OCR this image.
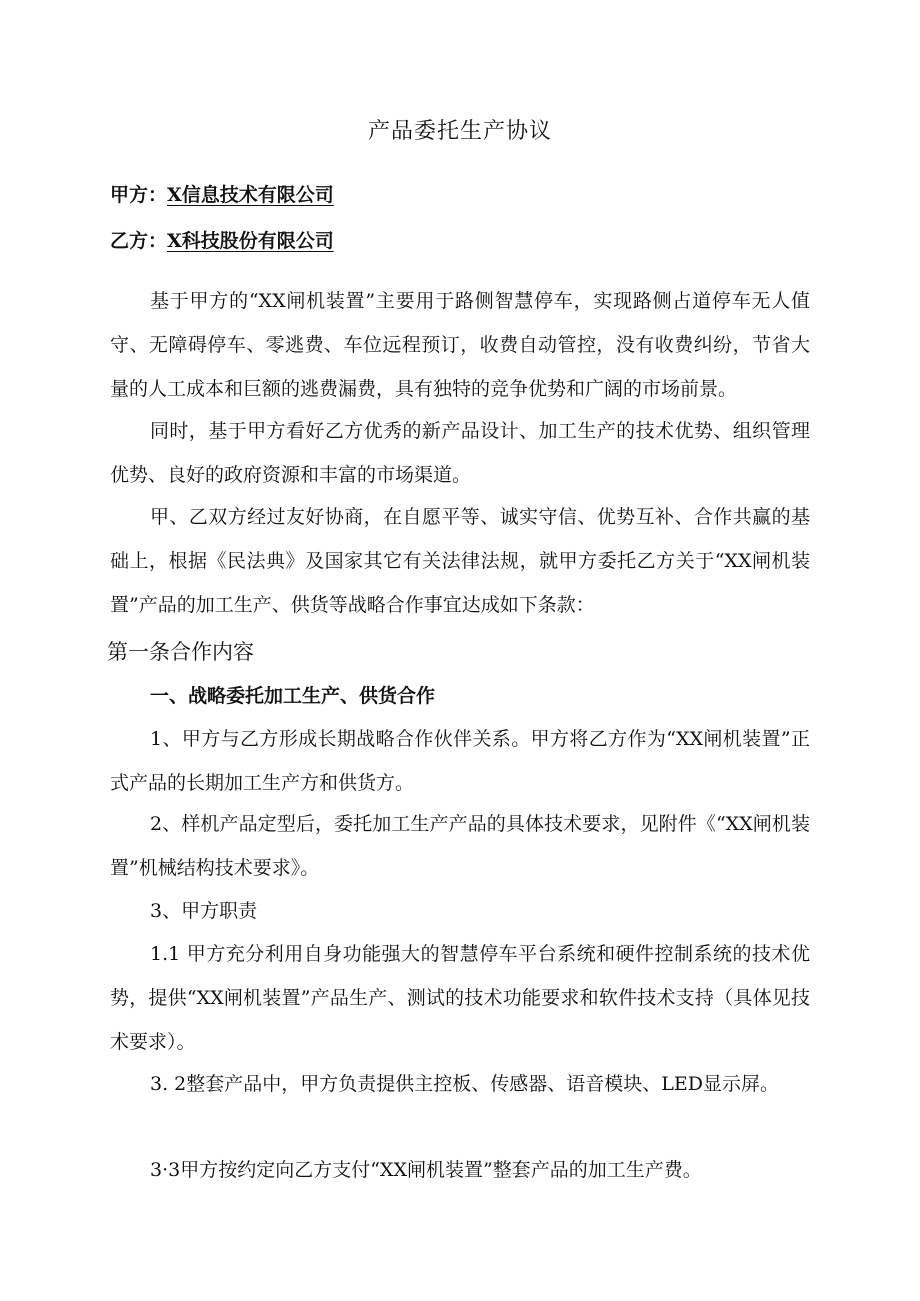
产品委托生产协议
甲方：X信息技术有限公司
乙方：X科技股份有限公司

基于甲方的“XX闸机装置”主要用于路侧智慧停车，实现路侧占道停车无人值守、无障碍停车、零逃费、车位远程预订，收费自动管控，没有收费纠纷，节省大量的人工成本和巨额的逃费漏费，具有独特的竞争优势和广阔的市场前景。

同时，基于甲方看好乙方优秀的新产品设计、加工生产的技术优势、组织管理优势、良好的政府资源和丰富的市场渠道。

甲、乙双方经过友好协商，在自愿平等、诚实守信、优势互补、合作共赢的基础上，根据《民法典》及国家其它有关法律法规，就甲方委托乙方关于“XX闸机装置”产品的加工生产、供货等战略合作事宜达成如下条款：

第一条合作内容
一、战略委托加工生产、供货合作

1、甲方与乙方形成长期战略合作伙伴关系。甲方将乙方作为“XX闸机装置”正式产品的长期加工生产方和供货方。

2、样机产品定型后，委托加工生产产品的具体技术要求，见附件《“XX闸机装置”机械结构技术要求》。

3、甲方职责

1.1 甲方充分利用自身功能强大的智慧停车平台系统和硬件控制系统的技术优势，提供“XX闸机装置”产品生产、测试的技术功能要求和软件技术支持（具体见技术要求）。

3. 2整套产品中，甲方负责提供主控板、传感器、语音模块、LED显示屏。

3·3甲方按约定向乙方支付“XX闸机装置”整套产品的加工生产费。
